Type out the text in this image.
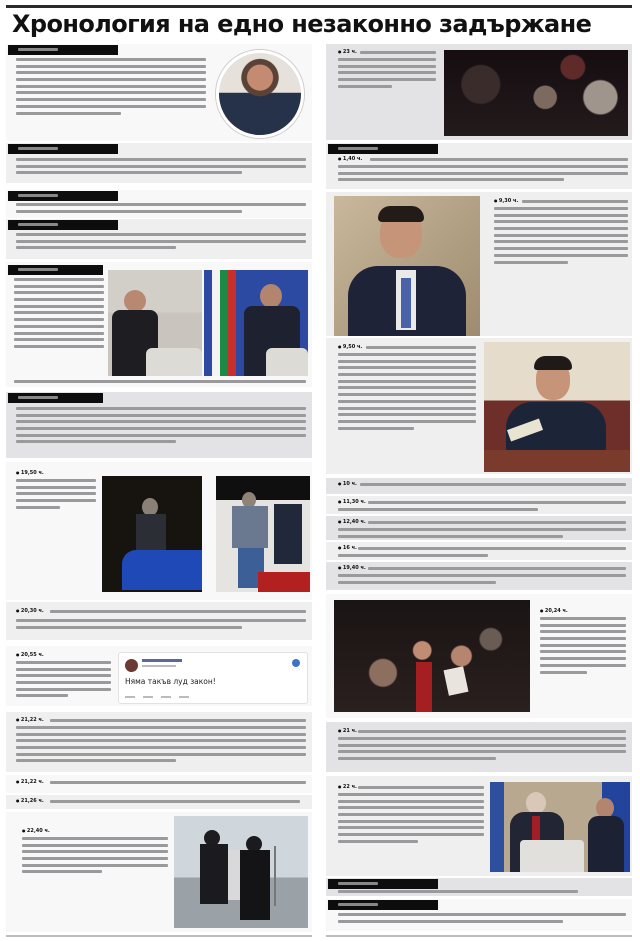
Хронология на едно незаконно задържане
● 19,50 ч.
● 20,30 ч.
● 20,55 ч.
Няма такъв луд закон!
● 21,22 ч.
● 21,22 ч.
● 21,26 ч.
● 22,40 ч.
● 23 ч.
● 1,40 ч.
● 9,30 ч.
● 9,50 ч.
● 10 ч.
● 11,30 ч.
● 12,40 ч.
● 16 ч.
● 19,40 ч.
● 20,24 ч.
● 21 ч.
● 22 ч.
